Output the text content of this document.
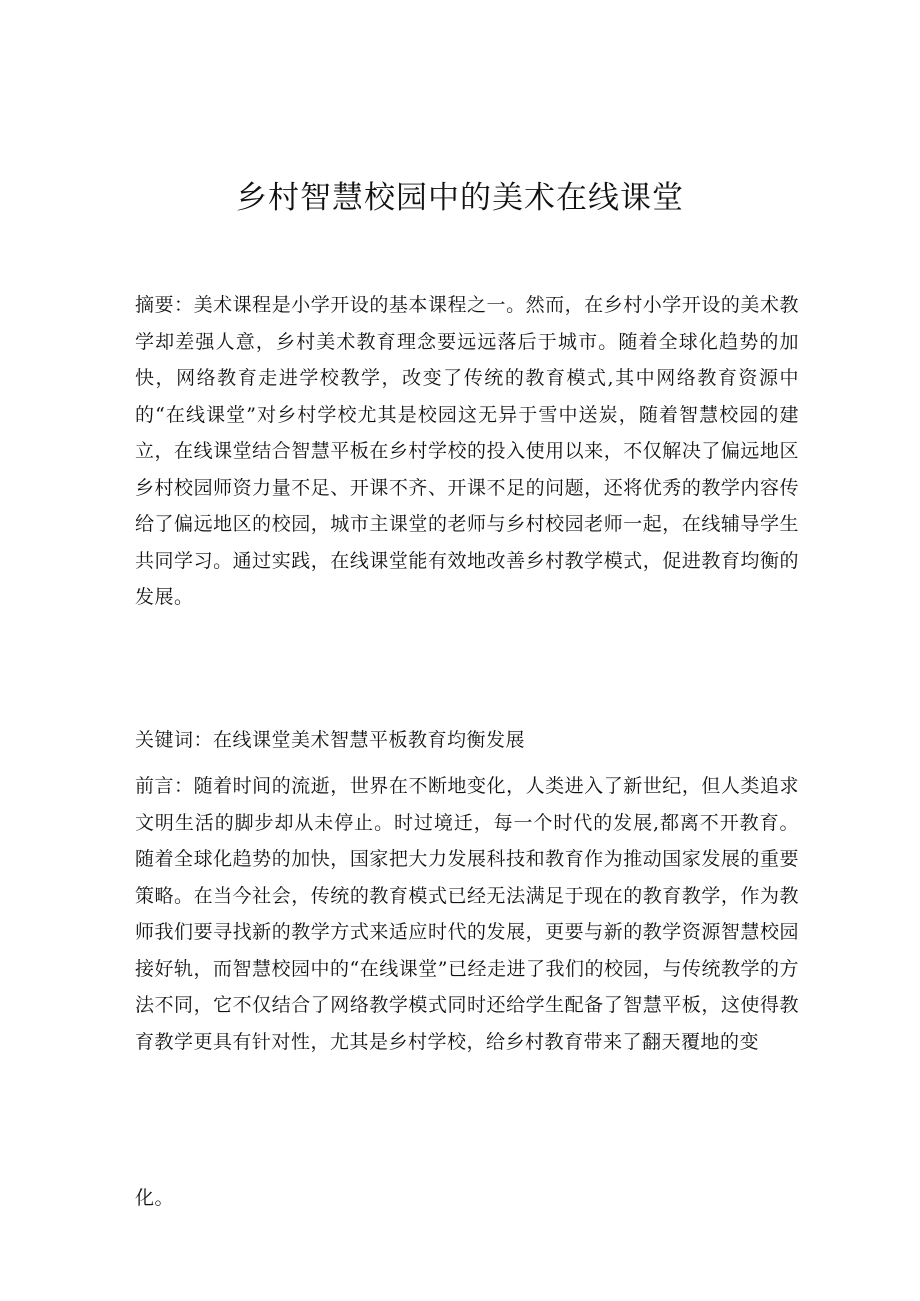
乡村智慧校园中的美术在线课堂

摘要：美术课程是小学开设的基本课程之一。然而，在乡村小学开设的美术教学却差强人意，乡村美术教育理念要远远落后于城市。随着全球化趋势的加快，网络教育走进学校教学，改变了传统的教育模式,其中网络教育资源中的“在线课堂”对乡村学校尤其是校园这无异于雪中送炭，随着智慧校园的建立，在线课堂结合智慧平板在乡村学校的投入使用以来，不仅解决了偏远地区乡村校园师资力量不足、开课不齐、开课不足的问题，还将优秀的教学内容传给了偏远地区的校园，城市主课堂的老师与乡村校园老师一起，在线辅导学生共同学习。通过实践，在线课堂能有效地改善乡村教学模式，促进教育均衡的发展。

关键词：在线课堂美术智慧平板教育均衡发展

前言：随着时间的流逝，世界在不断地变化，人类进入了新世纪，但人类追求文明生活的脚步却从未停止。时过境迁，每一个时代的发展,都离不开教育。随着全球化趋势的加快，国家把大力发展科技和教育作为推动国家发展的重要策略。在当今社会，传统的教育模式已经无法满足于现在的教育教学，作为教师我们要寻找新的教学方式来适应时代的发展，更要与新的教学资源智慧校园接好轨，而智慧校园中的“在线课堂”已经走进了我们的校园，与传统教学的方法不同，它不仅结合了网络教学模式同时还给学生配备了智慧平板，这使得教育教学更具有针对性，尤其是乡村学校，给乡村教育带来了翻天覆地的变

化。
